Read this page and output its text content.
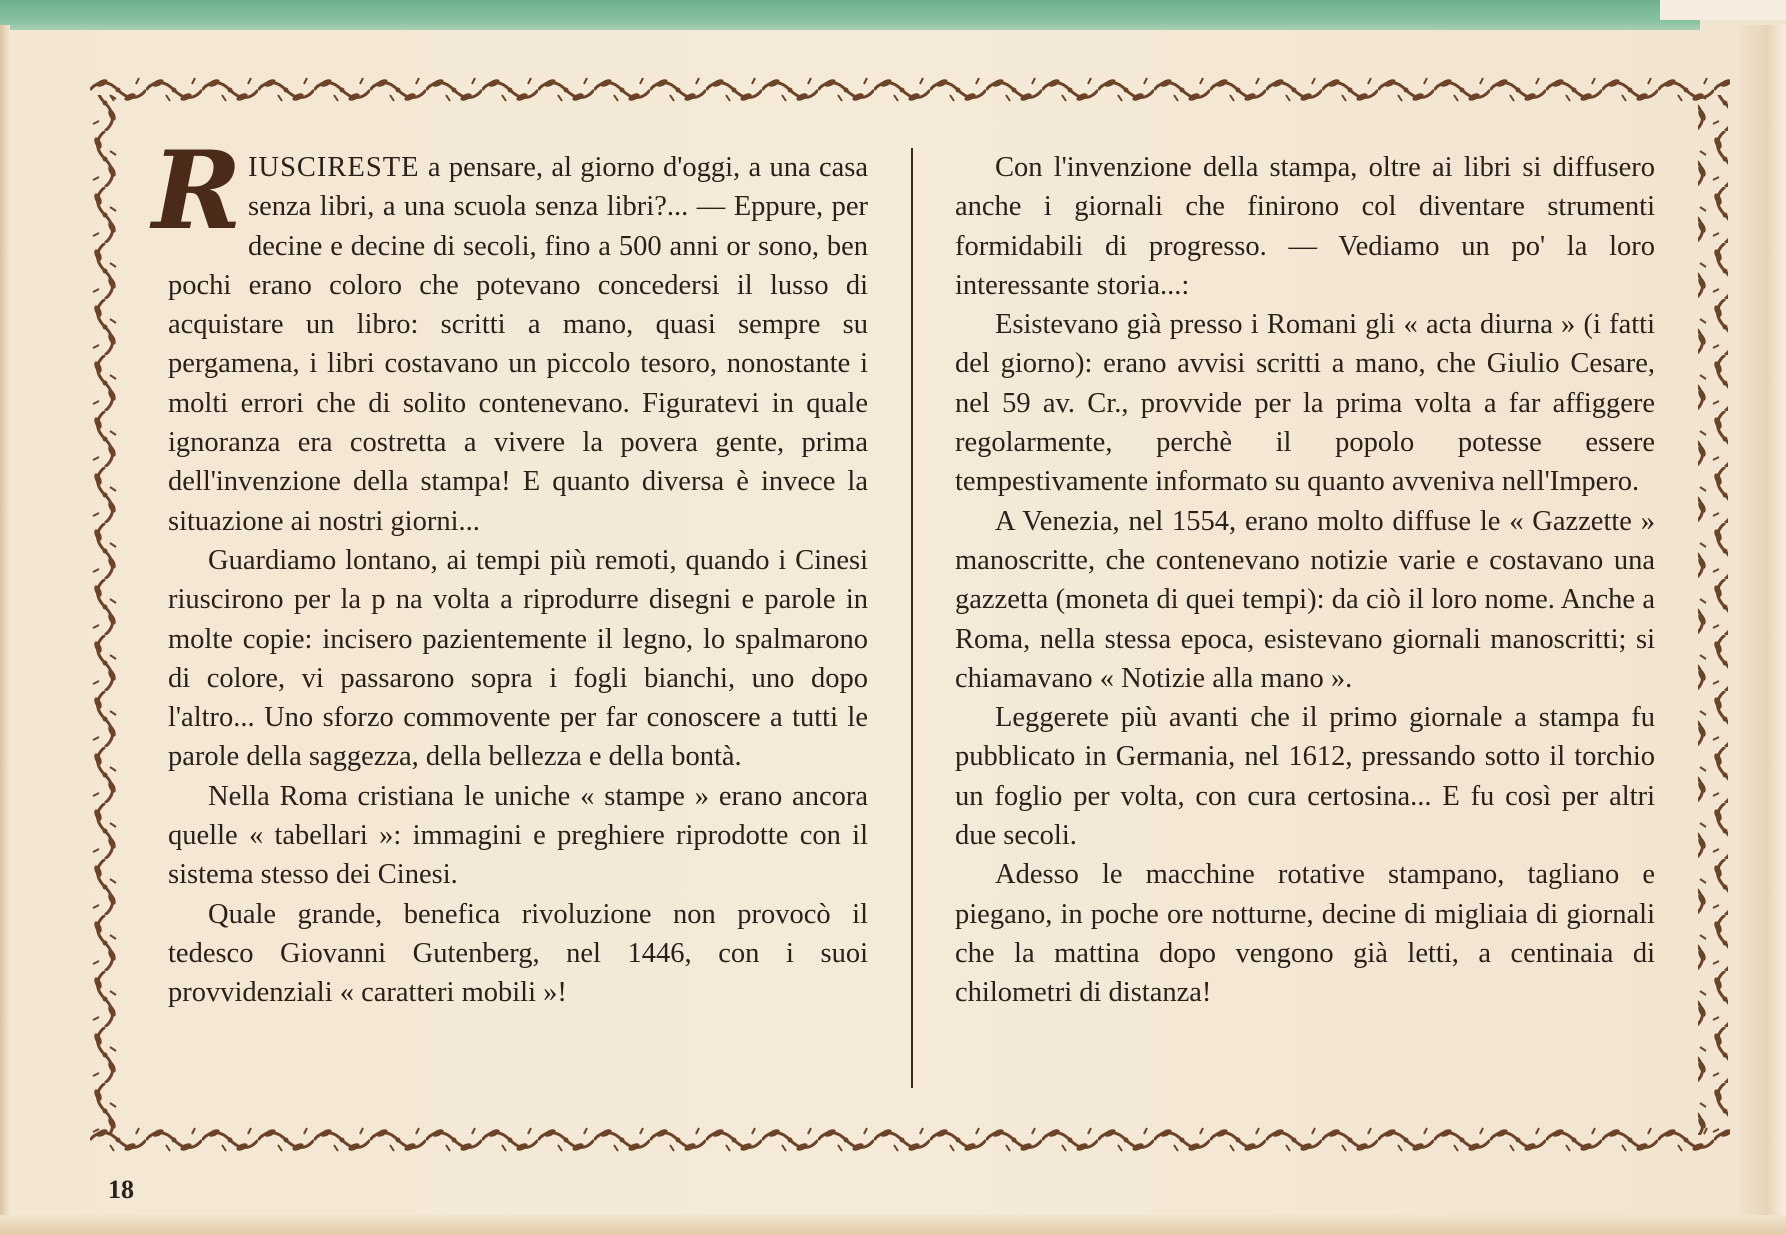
RIUSCIRESTE a pensare, al giorno d'oggi, a una casa senza libri, a una scuola senza libri?... — Eppure, per decine e decine di secoli, fino a 500 anni or sono, ben pochi erano coloro che potevano concedersi il lusso di acquistare un libro: scritti a mano, quasi sempre su pergamena, i libri costavano un piccolo tesoro, nonostante i molti errori che di solito contenevano. Figuratevi in quale ignoranza era costretta a vivere la povera gente, prima dell'invenzione della stampa! E quanto diversa è invece la situazione ai nostri giorni...

Guardiamo lontano, ai tempi più remoti, quando i Cinesi riuscirono per la p na volta a riprodurre disegni e parole in molte copie: incisero pazientemente il legno, lo spalmarono di colore, vi passarono sopra i fogli bianchi, uno dopo l'altro... Uno sforzo commovente per far conoscere a tutti le parole della saggezza, della bellezza e della bontà.

Nella Roma cristiana le uniche « stampe » erano ancora quelle « tabellari »: immagini e preghiere riprodotte con il sistema stesso dei Cinesi.

Quale grande, benefica rivoluzione non provocò il tedesco Giovanni Gutenberg, nel 1446, con i suoi provvidenziali « caratteri mobili »!

Con l'invenzione della stampa, oltre ai libri si diffusero anche i giornali che finirono col diventare strumenti formidabili di progresso. — Vediamo un po' la loro interessante storia...:

Esistevano già presso i Romani gli « acta diurna » (i fatti del giorno): erano avvisi scritti a mano, che Giulio Cesare, nel 59 av. Cr., provvide per la prima volta a far affiggere regolarmente, perchè il popolo potesse essere tempestivamente informato su quanto avveniva nell'Impero.

A Venezia, nel 1554, erano molto diffuse le « Gazzette » manoscritte, che contenevano notizie varie e costavano una gazzetta (moneta di quei tempi): da ciò il loro nome. Anche a Roma, nella stessa epoca, esistevano giornali manoscritti; si chiamavano « Notizie alla mano ».

Leggerete più avanti che il primo giornale a stampa fu pubblicato in Germania, nel 1612, pressando sotto il torchio un foglio per volta, con cura certosina... E fu così per altri due secoli.

Adesso le macchine rotative stampano, tagliano e piegano, in poche ore notturne, decine di migliaia di giornali che la mattina dopo vengono già letti, a centinaia di chilometri di distanza!

18
